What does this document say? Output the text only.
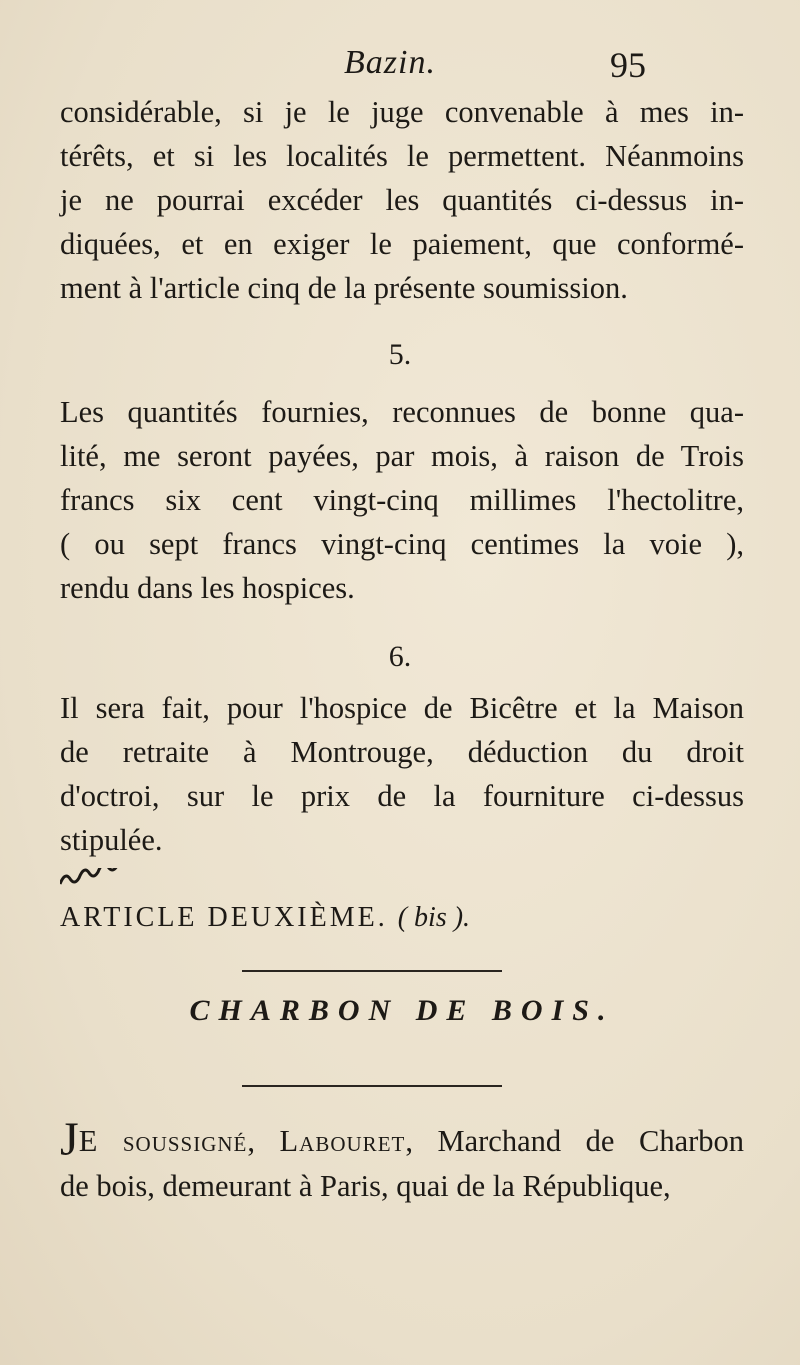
Bazin.	95
considérable, si je le juge convenable à mes in-
térêts, et si les localités le permettent. Néanmoins
je ne pourrai excéder les quantités ci-dessus in-
diquées, et en exiger le paiement, que conformé-
ment à l'article cinq de la présente soumission.
5.
Les quantités fournies, reconnues de bonne qua-
lité, me seront payées, par mois, à raison de Trois
francs six cent vingt-cinq millimes l'hectolitre,
( ou sept francs vingt-cinq centimes la voie ),
rendu dans les hospices.
6.
Il sera fait, pour l'hospice de Bicêtre et la Maison
de retraite à Montrouge, déduction du droit
d'octroi, sur le prix de la fourniture ci-dessus
stipulée.
ARTICLE DEUXIÈME. ( bis ).
CHARBON DE BOIS.
JE soussigné, Labouret, Marchand de Charbon
de bois, demeurant à Paris, quai de la République,
